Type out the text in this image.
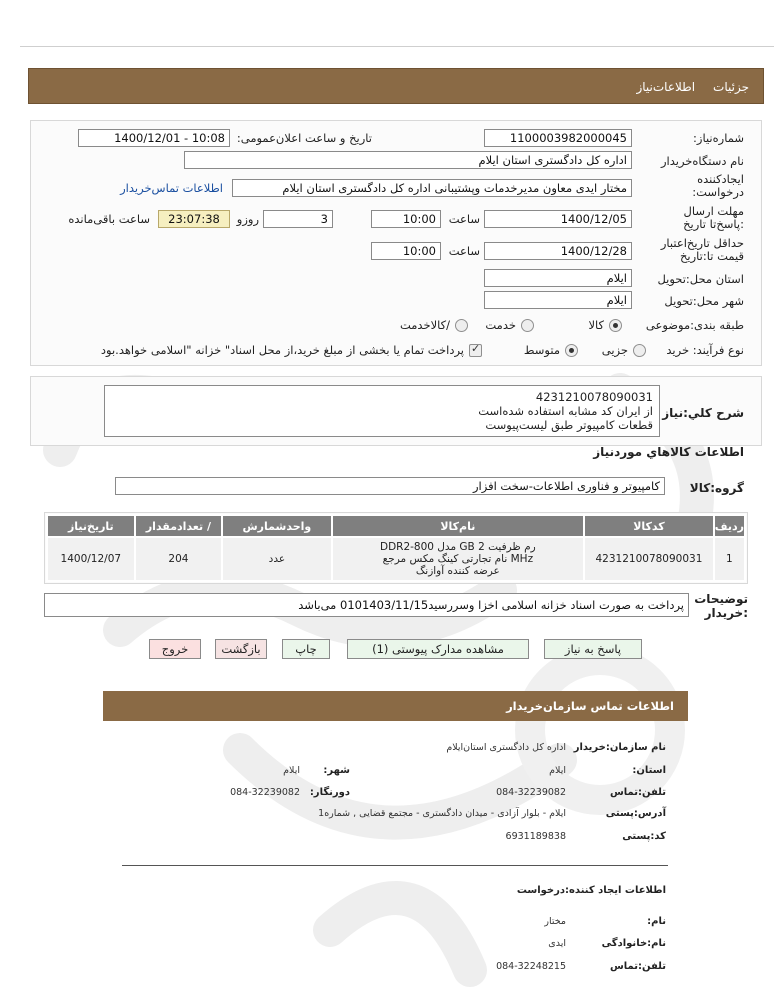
جزئیات
اطلاعات‌نیاز
شماره‌نیاز:
1100003982000045
تاریخ و ساعت اعلان‌عمومی:
1400/12/01 - 10:08
نام دستگاه‌خریدار
اداره کل دادگستری استان ایلام
ایجادکننده درخواست:
مختار ایدی معاون مدیرخدمات وپشتیبانی اداره کل دادگستری استان ایلام
اطلاعات تماس‌خریدار
مهلت ارسال :پاسخ‌تا تاریخ
1400/12/05
ساعت
10:00
3
روزو
23:07:38
ساعت باقی‌مانده
حداقل تاریخ‌اعتبار قیمت تا:تاریخ
1400/12/28
ساعت
10:00
استان محل:تحویل
ایلام
شهر محل:تحویل
ایلام
طبقه بندی:موضوعی
کالا
خدمت
/کالاخدمت
نوع فرآیند: خرید
جزیی
متوسط
✓
پرداخت تمام یا بخشی از مبلغ خرید،از محل اسناد" خزانه "اسلامی خواهد.بود
شرح کلي:نياز
4231210078090031
از ایران کد مشابه استفاده شده‌است
قطعات کامپیوتر طبق لیست‌پیوست
اطلاعات كالاهاي موردنياز
گروه:کالا
کامپیوتر و فناوری اطلاعات-سخت افزار
رديف	كدكالا	نام‌كالا	واحدشمارش	/ تعدادمقدار	تاريخ‌نياز
1	4231210078090031	رم ظرفیت GB 2 مدل DDR2-800
MHz نام تجارتی کینگ مکس مرجع
عرضه کننده آوازنگ	عدد	204	1400/12/07
توضیحات :خریدار
پرداخت به صورت اسناد خزانه اسلامی اخزا وسررسید0101403/11/15 می‌باشد
پاسخ به نیاز
مشاهده مدارک پیوستی (1)
چاپ
بازگشت
خروج
اطلاعات تماس سازمان‌خریدار
نام سازمان:خریدار
اداره کل دادگستری استان‌ایلام
استان:
ایلام
شهر:
ایلام
تلفن:تماس
084-32239082
دورنگار:
084-32239082
آدرس:پستی
ایلام - بلوار آزادی - میدان دادگستری - مجتمع قضایی , شماره1
کد:پستی
6931189838
اطلاعات ایجاد کننده:درخواست
نام:
مختار
نام:خانوادگی
ایدی
تلفن:تماس
084-32248215
